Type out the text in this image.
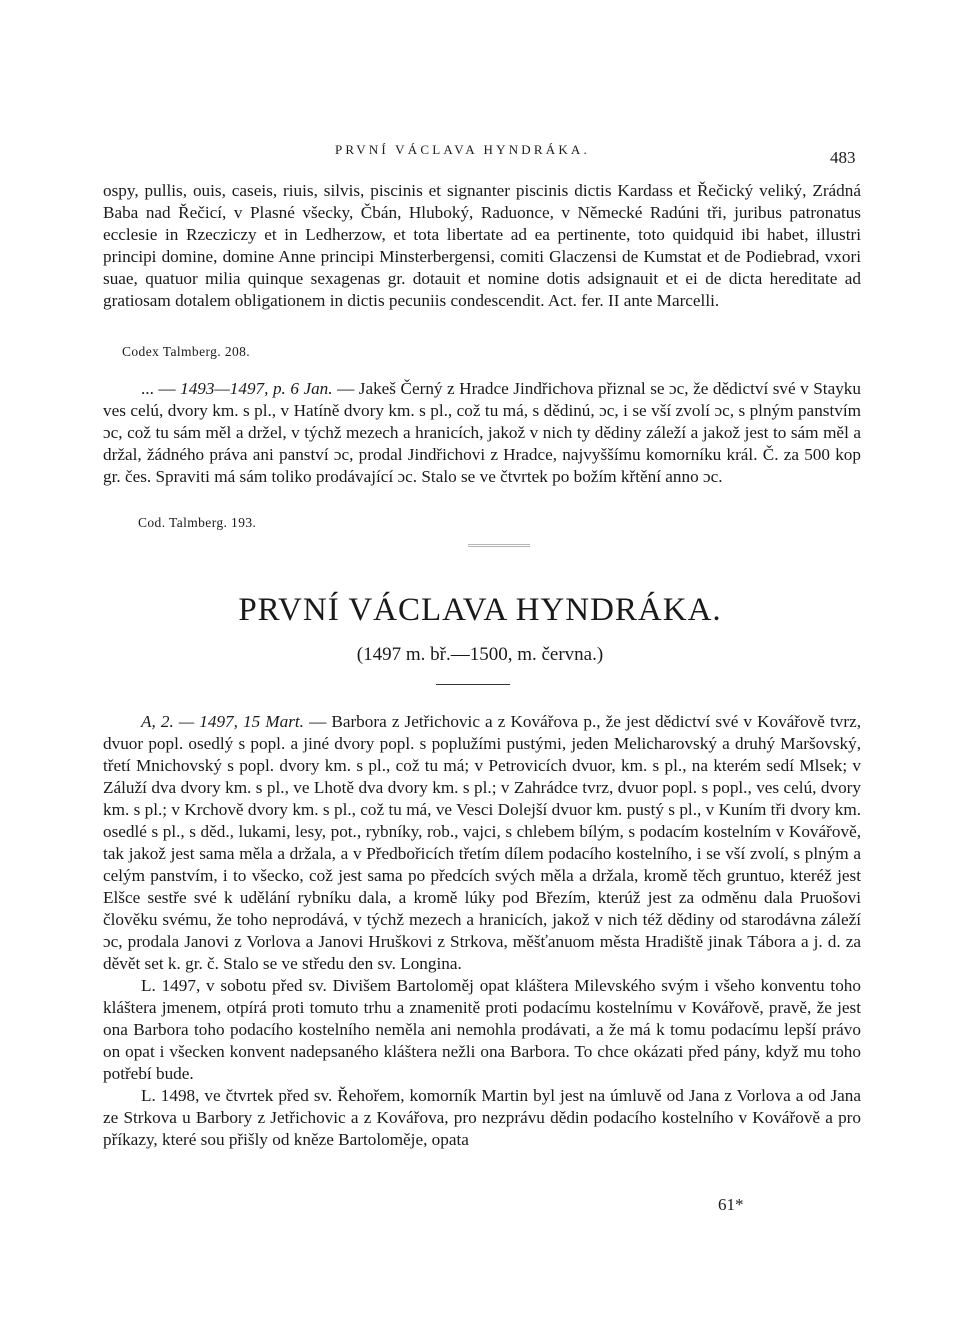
PRVNÍ VÁCLAVA HYNDRÁKA.	483

ospy, pullis, ouis, caseis, riuis, silvis, piscinis et signanter piscinis dictis Kardass et Řečický veliký, Zrádná Baba nad Řečicí, v Plasné všecky, Čbán, Hluboký, Raduonce, v Německé Radúni tři, juribus patronatus ecclesie in Rzecziczy et in Ledherzow, et tota libertate ad ea pertinente, toto quidquid ibi habet, illustri principi domine, domine Anne principi Minsterbergensi, comiti Glaczensi de Kumstat et de Podiebrad, vxori suae, quatuor milia quinque sexagenas gr. dotauit et nomine dotis adsignauit et ei de dicta hereditate ad gratiosam dotalem obligationem in dictis pecuniis condescendit. Act. fer. II ante Marcelli.

Codex Talmberg. 208.

... — 1493—1497, p. 6 Jan. — Jakeš Černý z Hradce Jindřichova přiznal se ɔc, že dědictví své v Stayku ves celú, dvory km. s pl., v Hatíně dvory km. s pl., což tu má, s dědinú, ɔc, i se vší zvolí ɔc, s plným panstvím ɔc, což tu sám měl a držel, v týchž mezech a hranicích, jakož v nich ty dědiny záleží a jakož jest to sám měl a držal, žádného práva ani panství ɔc, prodal Jindřichovi z Hradce, najvyššímu komorníku král. Č. za 500 kop gr. čes. Spraviti má sám toliko prodávající ɔc. Stalo se ve čtvrtek po božím křtění anno ɔc.

Cod. Talmberg. 193.
PRVNÍ VÁCLAVA HYNDRÁKA.
(1497 m. bř.—1500, m. června.)

A, 2. — 1497, 15 Mart. — Barbora z Jetřichovic a z Kovářova p., že jest dědictví své v Kovářově tvrz, dvuor popl. osedlý s popl. a jiné dvory popl. s poplužími pustými, jeden Melicharovský a druhý Maršovský, třetí Mnichovský s popl. dvory km. s pl., což tu má; v Petrovicích dvuor, km. s pl., na kterém sedí Mlsek; v Záluží dva dvory km. s pl., ve Lhotě dva dvory km. s pl.; v Zahrádce tvrz, dvuor popl. s popl., ves celú, dvory km. s pl.; v Krchově dvory km. s pl., což tu má, ve Vesci Dolejší dvuor km. pustý s pl., v Kuním tři dvory km. osedlé s pl., s děd., lukami, lesy, pot., rybníky, rob., vajci, s chlebem bílým, s podacím kostelním v Kovářově, tak jakož jest sama měla a držala, a v Předbořicích třetím dílem podacího kostelního, i se vší zvolí, s plným a celým panstvím, i to všecko, což jest sama po předcích svých měla a držala, kromě těch gruntuo, kteréž jest Elšce sestře své k udělání rybníku dala, a kromě lúky pod Březím, kterúž jest za odměnu dala Pruošovi člověku svému, že toho neprodává, v týchž mezech a hranicích, jakož v nich též dědiny od starodávna záleží ɔc, prodala Janovi z Vorlova a Janovi Hruškovi z Strkova, měšťanuom města Hradiště jinak Tábora a j. d. za děvět set k. gr. č. Stalo se ve středu den sv. Longina.

L. 1497, v sobotu před sv. Divišem Bartoloměj opat kláštera Milevského svým i všeho konventu toho kláštera jmenem, otpírá proti tomuto trhu a znamenitě proti podacímu kostelnímu v Kovářově, pravě, že jest ona Barbora toho podacího kostelního neměla ani nemohla prodávati, a že má k tomu podacímu lepší právo on opat i všecken konvent nadepsaného kláštera nežli ona Barbora. To chce okázati před pány, když mu toho potřebí bude.

L. 1498, ve čtvrtek před sv. Řehořem, komorník Martin byl jest na úmluvě od Jana z Vorlova a od Jana ze Strkova u Barbory z Jetřichovic a z Kovářova, pro nezprávu dědin podacího kostelního v Kovářově a pro příkazy, které sou přišly od kněze Bartoloměje, opata

61*
